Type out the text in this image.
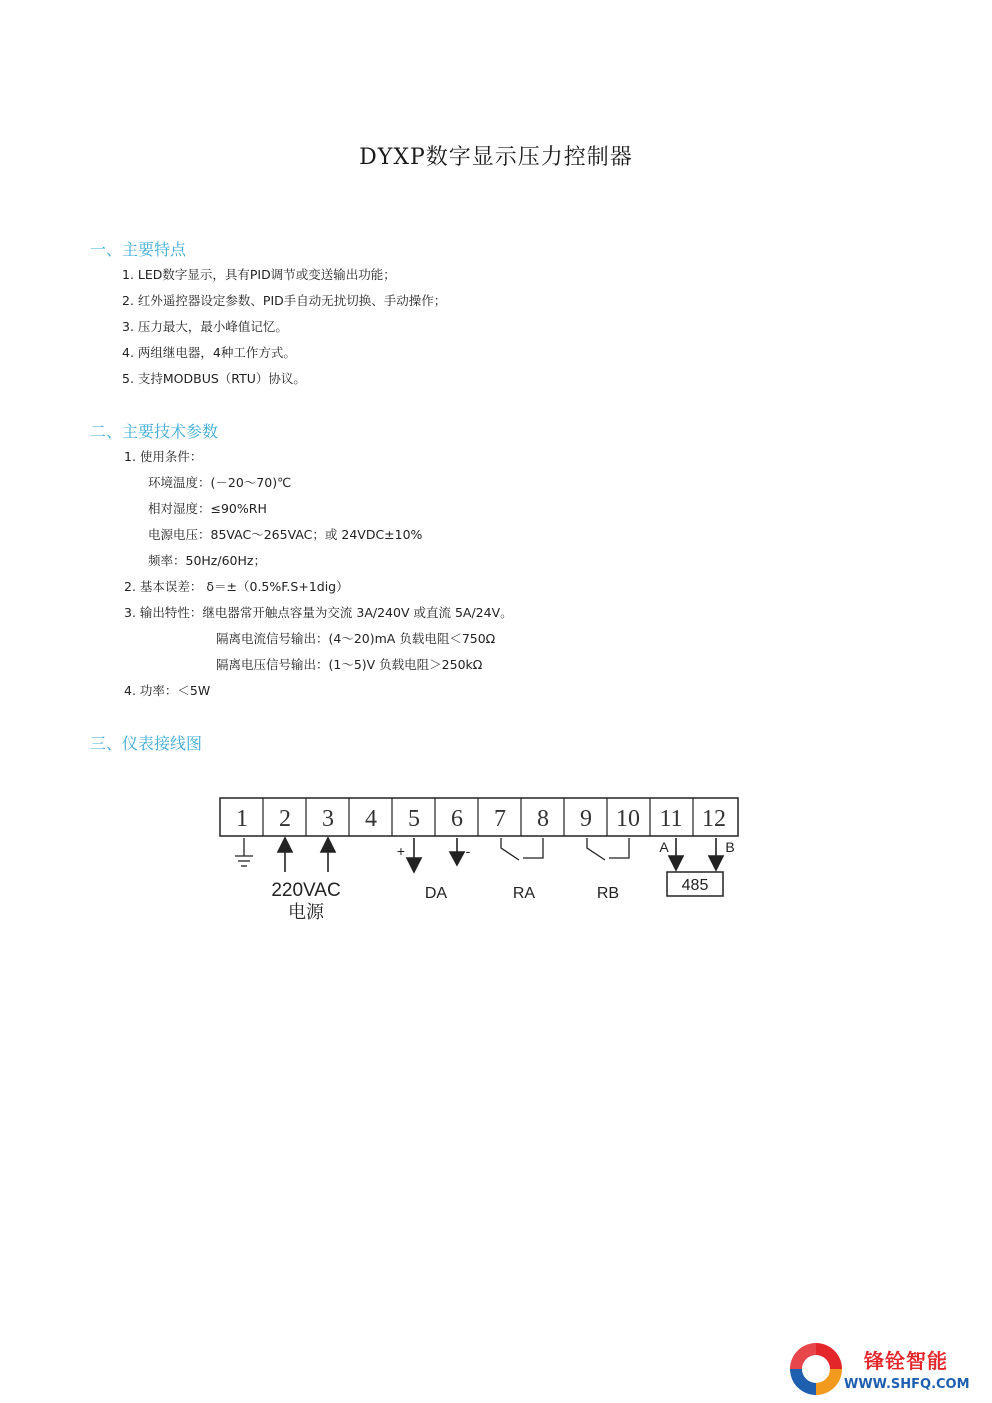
DYXP数字显示压力控制器
一、主要特点
1. LED数字显示，具有PID调节或变送输出功能；
2. 红外遥控器设定参数、PID手自动无扰切换、手动操作；
3. 压力最大，最小峰值记忆。
4. 两组继电器，4种工作方式。
5. 支持MODBUS（RTU）协议。
二、主要技术参数
1. 使用条件：
环境温度：(－20～70)℃
相对湿度：≤90%RH
电源电压：85VAC～265VAC；或 24VDC±10%
频率：50Hz/60Hz；
2. 基本误差： δ＝±（0.5%F.S+1dig）
3. 输出特性：继电器常开触点容量为交流 3A/240V 或直流 5A/24V。
隔离电流信号输出：(4～20)mA 负载电阻＜750Ω
隔离电压信号输出：(1～5)V 负载电阻＞250kΩ
4. 功率：＜5W
三、仪表接线图
1 2 3 4 5 6 7 8 9 10 11 12
+	-	A	B
485
220VAC
电源
DA	RA	RB
锋铨智能
WWW.SHFQ.COM
